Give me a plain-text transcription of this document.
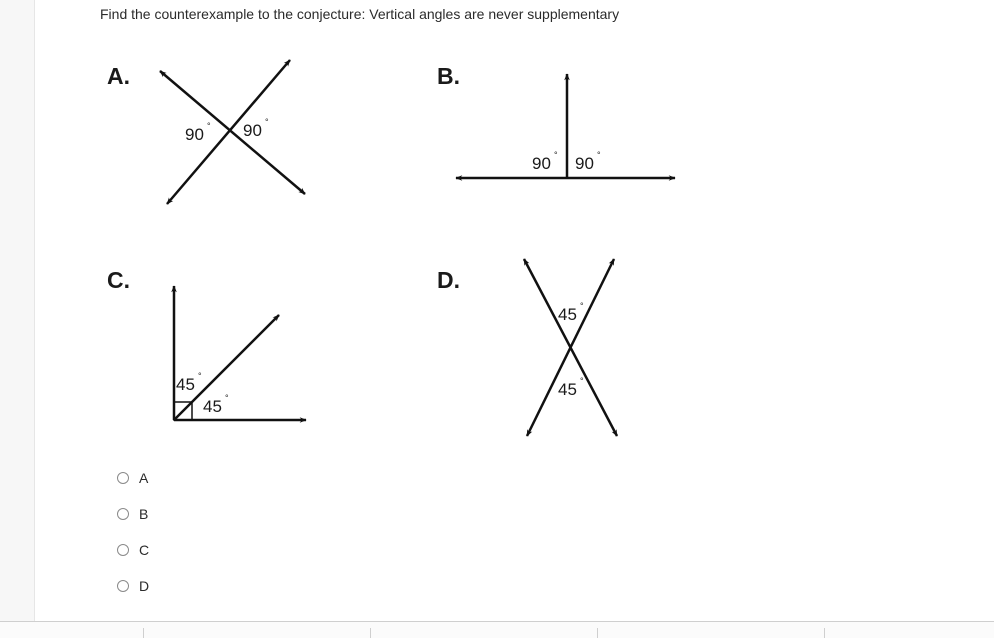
Find the counterexample to the conjecture: Vertical angles are never supplementary
A.
90 ° 90 °
B.
90 ° 90 °
C.
45 °
45 °
D.
45 °
45 °
A
B
C
D
